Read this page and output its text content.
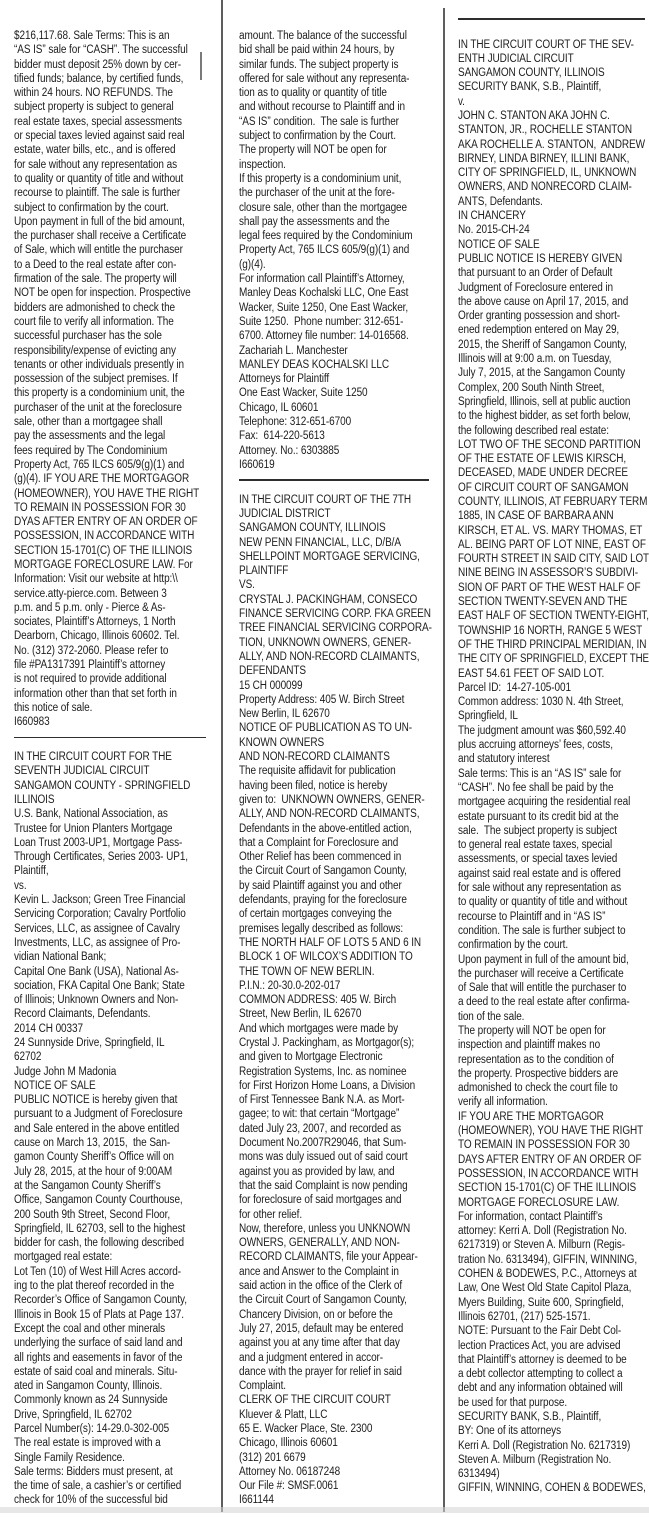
$216,117.68. Sale Terms: This is an
“AS IS” sale for “CASH”. The successful
bidder must deposit 25% down by cer-
tified funds; balance, by certified funds,
within 24 hours. NO REFUNDS. The
subject property is subject to general
real estate taxes, special assessments
or special taxes levied against said real
estate, water bills, etc., and is offered
for sale without any representation as
to quality or quantity of title and without
recourse to plaintiff. The sale is further
subject to confirmation by the court.
Upon payment in full of the bid amount,
the purchaser shall receive a Certificate
of Sale, which will entitle the purchaser
to a Deed to the real estate after con-
firmation of the sale. The property will
NOT be open for inspection. Prospective
bidders are admonished to check the
court file to verify all information. The
successful purchaser has the sole
responsibility/expense of evicting any
tenants or other individuals presently in
possession of the subject premises. If
this property is a condominium unit, the
purchaser of the unit at the foreclosure
sale, other than a mortgagee shall
pay the assessments and the legal
fees required by The Condominium
Property Act, 765 ILCS 605/9(g)(1) and
(g)(4). IF YOU ARE THE MORTGAGOR
(HOMEOWNER), YOU HAVE THE RIGHT
TO REMAIN IN POSSESSION FOR 30
DYAS AFTER ENTRY OF AN ORDER OF
POSSESSION, IN ACCORDANCE WITH
SECTION 15-1701(C) OF THE ILLINOIS
MORTGAGE FORECLOSURE LAW. For
Information: Visit our website at http:\\
service.atty-pierce.com. Between 3
p.m. and 5 p.m. only - Pierce & As-
sociates, Plaintiff’s Attorneys, 1 North
Dearborn, Chicago, Illinois 60602. Tel.
No. (312) 372-2060. Please refer to
file #PA1317391 Plaintiff’s attorney
is not required to provide additional
information other than that set forth in
this notice of sale.
I660983
IN THE CIRCUIT COURT FOR THE
SEVENTH JUDICIAL CIRCUIT
SANGAMON COUNTY - SPRINGFIELD
ILLINOIS
U.S. Bank, National Association, as
Trustee for Union Planters Mortgage
Loan Trust 2003-UP1, Mortgage Pass-
Through Certificates, Series 2003- UP1,
Plaintiff,
vs.
Kevin L. Jackson; Green Tree Financial
Servicing Corporation; Cavalry Portfolio
Services, LLC, as assignee of Cavalry
Investments, LLC, as assignee of Pro-
vidian National Bank;
Capital One Bank (USA), National As-
sociation, FKA Capital One Bank; State
of Illinois; Unknown Owners and Non-
Record Claimants, Defendants.
2014 CH 00337
24 Sunnyside Drive, Springfield, IL
62702
Judge John M Madonia
NOTICE OF SALE
PUBLIC NOTICE is hereby given that
pursuant to a Judgment of Foreclosure
and Sale entered in the above entitled
cause on March 13, 2015,  the San-
gamon County Sheriff’s Office will on
July 28, 2015, at the hour of 9:00AM
at the Sangamon County Sheriff’s
Office, Sangamon County Courthouse,
200 South 9th Street, Second Floor,
Springfield, IL 62703, sell to the highest
bidder for cash, the following described
mortgaged real estate:
Lot Ten (10) of West Hill Acres accord-
ing to the plat thereof recorded in the
Recorder’s Office of Sangamon County,
Illinois in Book 15 of Plats at Page 137.
Except the coal and other minerals
underlying the surface of said land and
all rights and easements in favor of the
estate of said coal and minerals. Situ-
ated in Sangamon County, Illinois.
Commonly known as 24 Sunnyside
Drive, Springfield, IL 62702
Parcel Number(s): 14-29.0-302-005
The real estate is improved with a
Single Family Residence.
Sale terms: Bidders must present, at
the time of sale, a cashier’s or certified
check for 10% of the successful bid
amount. The balance of the successful
bid shall be paid within 24 hours, by
similar funds. The subject property is
offered for sale without any representa-
tion as to quality or quantity of title
and without recourse to Plaintiff and in
“AS IS” condition.  The sale is further
subject to confirmation by the Court.
The property will NOT be open for
inspection.
If this property is a condominium unit,
the purchaser of the unit at the fore-
closure sale, other than the mortgagee
shall pay the assessments and the
legal fees required by the Condominium
Property Act, 765 ILCS 605/9(g)(1) and
(g)(4).
For information call Plaintiff’s Attorney,
Manley Deas Kochalski LLC, One East
Wacker, Suite 1250, One East Wacker,
Suite 1250.  Phone number: 312-651-
6700. Attorney file number: 14-016568.
Zachariah L. Manchester
MANLEY DEAS KOCHALSKI LLC
Attorneys for Plaintiff
One East Wacker, Suite 1250
Chicago, IL 60601
Telephone: 312-651-6700
Fax:  614-220-5613
Attorney. No.: 6303885
I660619
IN THE CIRCUIT COURT OF THE 7TH
JUDICIAL DISTRICT
SANGAMON COUNTY, ILLINOIS
NEW PENN FINANCIAL, LLC, D/B/A
SHELLPOINT MORTGAGE SERVICING,
PLAINTIFF
VS.
CRYSTAL J. PACKINGHAM, CONSECO
FINANCE SERVICING CORP. FKA GREEN
TREE FINANCIAL SERVICING CORPORA-
TION, UNKNOWN OWNERS, GENER-
ALLY, AND NON-RECORD CLAIMANTS,
DEFENDANTS
15 CH 000099
Property Address: 405 W. Birch Street
New Berlin, IL 62670
NOTICE OF PUBLICATION AS TO UN-
KNOWN OWNERS
AND NON-RECORD CLAIMANTS
The requisite affidavit for publication
having been filed, notice is hereby
given to:  UNKNOWN OWNERS, GENER-
ALLY, AND NON-RECORD CLAIMANTS,
Defendants in the above-entitled action,
that a Complaint for Foreclosure and
Other Relief has been commenced in
the Circuit Court of Sangamon County,
by said Plaintiff against you and other
defendants, praying for the foreclosure
of certain mortgages conveying the
premises legally described as follows:
THE NORTH HALF OF LOTS 5 AND 6 IN
BLOCK 1 OF WILCOX’S ADDITION TO
THE TOWN OF NEW BERLIN.
P.I.N.: 20-30.0-202-017
COMMON ADDRESS: 405 W. Birch
Street, New Berlin, IL 62670
And which mortgages were made by
Crystal J. Packingham, as Mortgagor(s);
and given to Mortgage Electronic
Registration Systems, Inc. as nominee
for First Horizon Home Loans, a Division
of First Tennessee Bank N.A. as Mort-
gagee; to wit: that certain “Mortgage”
dated July 23, 2007, and recorded as
Document No.2007R29046, that Sum-
mons was duly issued out of said court
against you as provided by law, and
that the said Complaint is now pending
for foreclosure of said mortgages and
for other relief.
Now, therefore, unless you UNKNOWN
OWNERS, GENERALLY, AND NON-
RECORD CLAIMANTS, file your Appear-
ance and Answer to the Complaint in
said action in the office of the Clerk of
the Circuit Court of Sangamon County,
Chancery Division, on or before the
July 27, 2015, default may be entered
against you at any time after that day
and a judgment entered in accor-
dance with the prayer for relief in said
Complaint.
CLERK OF THE CIRCUIT COURT
Kluever & Platt, LLC
65 E. Wacker Place, Ste. 2300
Chicago, Illinois 60601
(312) 201 6679
Attorney No. 06187248
Our File #: SMSF.0061
I661144
IN THE CIRCUIT COURT OF THE SEV-
ENTH JUDICIAL CIRCUIT
SANGAMON COUNTY, ILLINOIS
SECURITY BANK, S.B., Plaintiff,
v.
JOHN C. STANTON AKA JOHN C.
STANTON, JR., ROCHELLE STANTON
AKA ROCHELLE A. STANTON,  ANDREW
BIRNEY, LINDA BIRNEY, ILLINI BANK,
CITY OF SPRINGFIELD, IL, UNKNOWN
OWNERS, AND NONRECORD CLAIM-
ANTS, Defendants.
IN CHANCERY
No. 2015-CH-24
NOTICE OF SALE
PUBLIC NOTICE IS HEREBY GIVEN
that pursuant to an Order of Default
Judgment of Foreclosure entered in
the above cause on April 17, 2015, and
Order granting possession and short-
ened redemption entered on May 29,
2015, the Sheriff of Sangamon County,
Illinois will at 9:00 a.m. on Tuesday,
July 7, 2015, at the Sangamon County
Complex, 200 South Ninth Street,
Springfield, Illinois, sell at public auction
to the highest bidder, as set forth below,
the following described real estate:
LOT TWO OF THE SECOND PARTITION
OF THE ESTATE OF LEWIS KIRSCH,
DECEASED, MADE UNDER DECREE
OF CIRCUIT COURT OF SANGAMON
COUNTY, ILLINOIS, AT FEBRUARY TERM
1885, IN CASE OF BARBARA ANN
KIRSCH, ET AL. VS. MARY THOMAS, ET
AL. BEING PART OF LOT NINE, EAST OF
FOURTH STREET IN SAID CITY, SAID LOT
NINE BEING IN ASSESSOR’S SUBDIVI-
SION OF PART OF THE WEST HALF OF
SECTION TWENTY-SEVEN AND THE
EAST HALF OF SECTION TWENTY-EIGHT,
TOWNSHIP 16 NORTH, RANGE 5 WEST
OF THE THIRD PRINCIPAL MERIDIAN, IN
THE CITY OF SPRINGFIELD, EXCEPT THE
EAST 54.61 FEET OF SAID LOT.
Parcel ID:  14-27-105-001
Common address: 1030 N. 4th Street,
Springfield, IL
The judgment amount was $60,592.40
plus accruing attorneys’ fees, costs,
and statutory interest
Sale terms: This is an “AS IS” sale for
“CASH”. No fee shall be paid by the
mortgagee acquiring the residential real
estate pursuant to its credit bid at the
sale.  The subject property is subject
to general real estate taxes, special
assessments, or special taxes levied
against said real estate and is offered
for sale without any representation as
to quality or quantity of title and without
recourse to Plaintiff and in “AS IS”
condition. The sale is further subject to
confirmation by the court.
Upon payment in full of the amount bid,
the purchaser will receive a Certificate
of Sale that will entitle the purchaser to
a deed to the real estate after confirma-
tion of the sale.
The property will NOT be open for
inspection and plaintiff makes no
representation as to the condition of
the property. Prospective bidders are
admonished to check the court file to
verify all information.
IF YOU ARE THE MORTGAGOR
(HOMEOWNER), YOU HAVE THE RIGHT
TO REMAIN IN POSSESSION FOR 30
DAYS AFTER ENTRY OF AN ORDER OF
POSSESSION, IN ACCORDANCE WITH
SECTION 15-1701(C) OF THE ILLINOIS
MORTGAGE FORECLOSURE LAW.
For information, contact Plaintiff’s
attorney: Kerri A. Doll (Registration No.
6217319) or Steven A. Milburn (Regis-
tration No. 6313494), GIFFIN, WINNING,
COHEN & BODEWES, P.C., Attorneys at
Law, One West Old State Capitol Plaza,
Myers Building, Suite 600, Springfield,
Illinois 62701, (217) 525-1571.
NOTE: Pursuant to the Fair Debt Col-
lection Practices Act, you are advised
that Plaintiff’s attorney is deemed to be
a debt collector attempting to collect a
debt and any information obtained will
be used for that purpose.
SECURITY BANK, S.B., Plaintiff,
BY: One of its attorneys
Kerri A. Doll (Registration No. 6217319)
Steven A. Milburn (Registration No.
6313494)
GIFFIN, WINNING, COHEN & BODEWES,
